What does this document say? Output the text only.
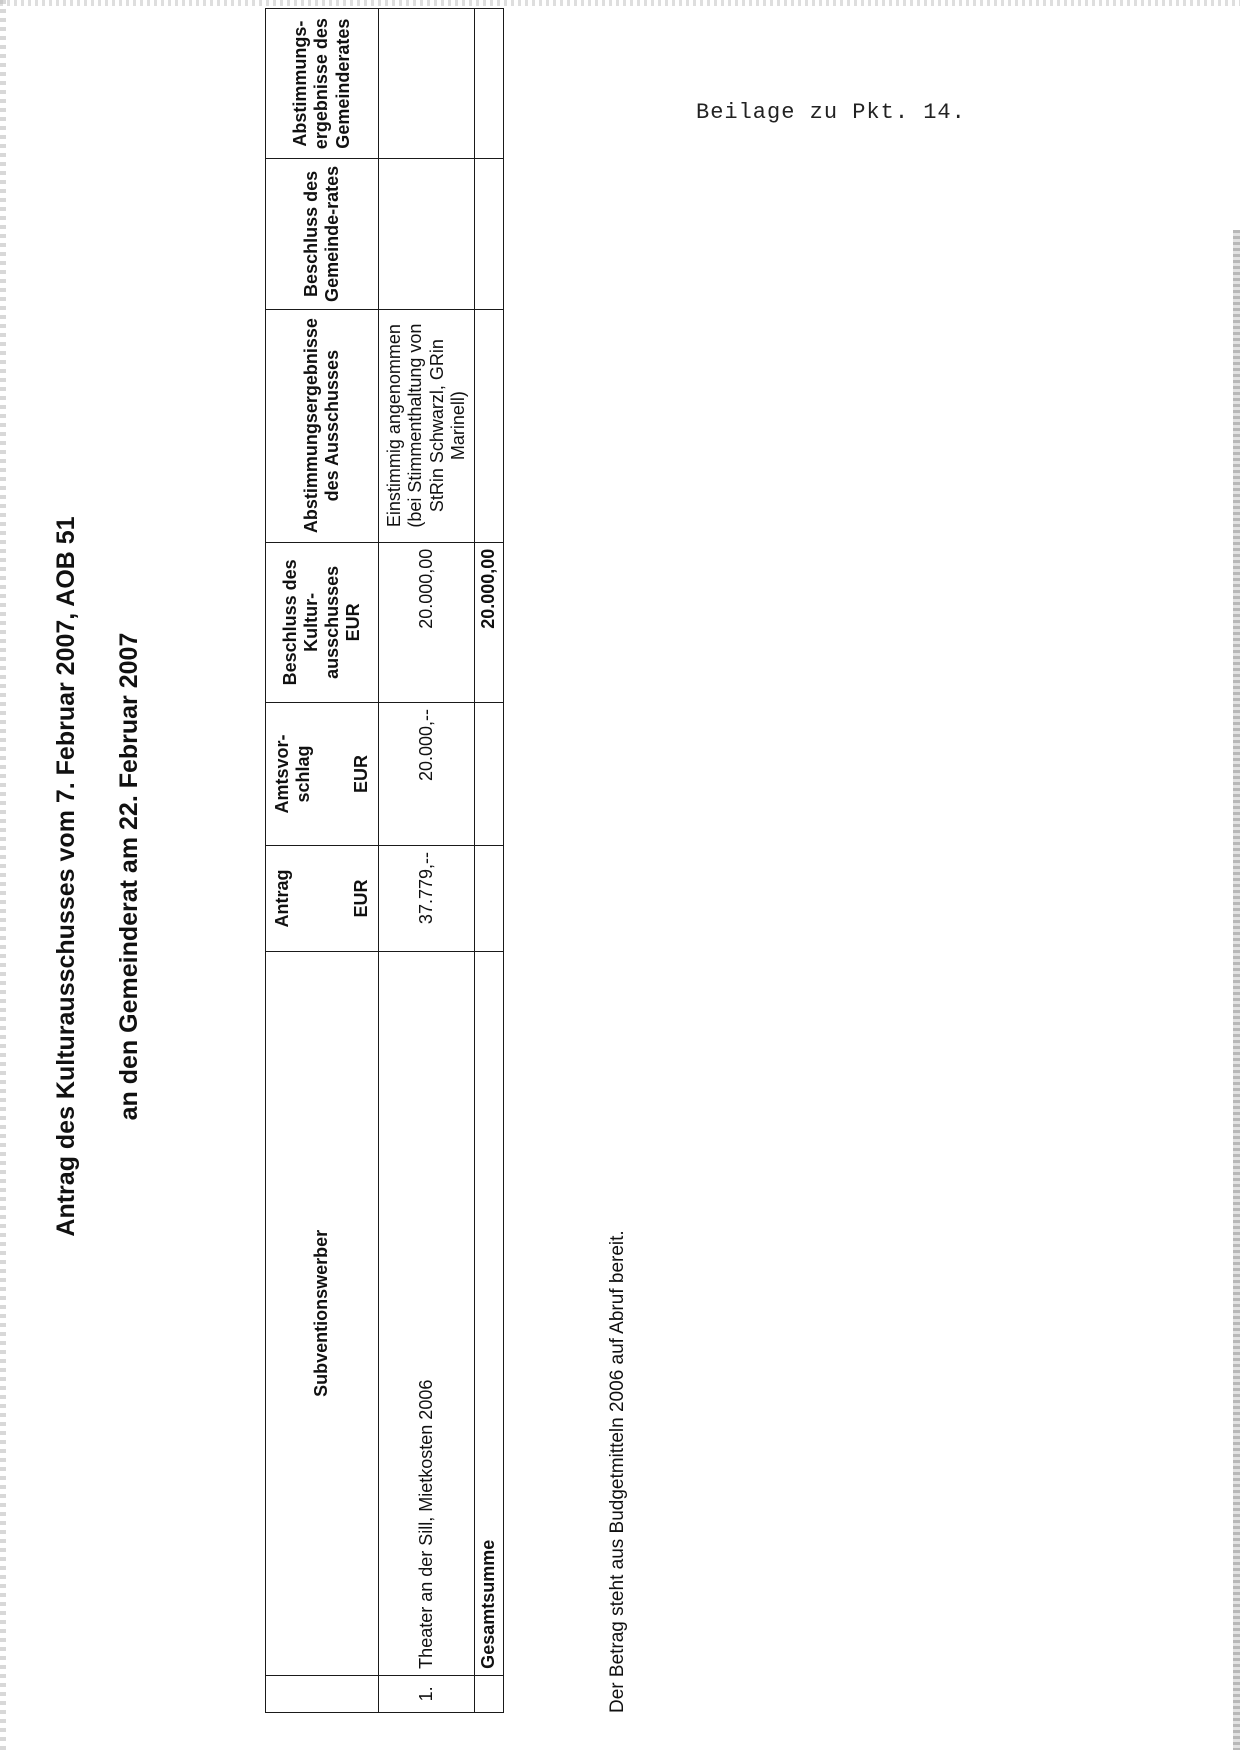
Beilage zu Pkt. 14.
Antrag des Kulturausschusses vom 7. Februar 2007, AOB 51 an den Gemeinderat am 22. Februar 2007
	Subventionswerber	Antrag EUR	Amtsvor-schlag EUR	Beschluss des Kultur-ausschusses EUR	Abstimmungsergebnisse des Ausschusses	Beschluss des Gemeinde-rates	Abstimmungs-ergebnisse des Gemeinderates
1.	Theater an der Sill, Mietkosten 2006	37.779,--	20.000,--	20.000,00	Einstimmig angenommen (bei Stimmenthaltung von StRin Schwarzl, GRin Marinell)		
	Gesamtsumme			20.000,00			

Der Betrag steht aus Budgetmitteln 2006 auf Abruf bereit.
